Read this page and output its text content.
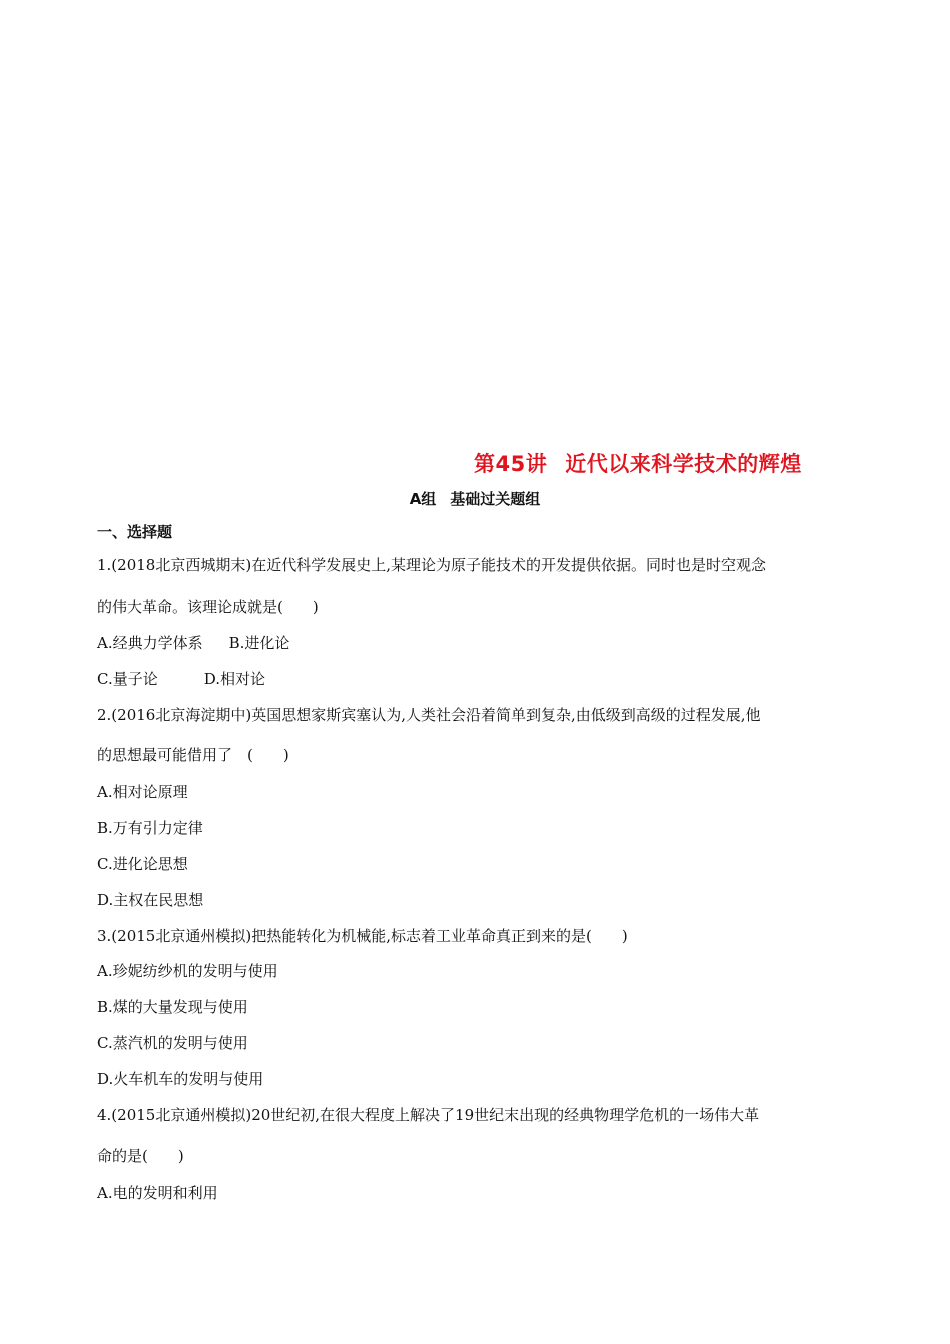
第45讲 近代以来科学技术的辉煌
A组 基础过关题组
一、选择题
1.(2018北京西城期末)在近代科学发展史上,某理论为原子能技术的开发提供依据。同时也是时空观念
的伟大革命。该理论成就是(　　)
A.经典力学体系 B.进化论
C.量子论	D.相对论
2.(2016北京海淀期中)英国思想家斯宾塞认为,人类社会沿着简单到复杂,由低级到高级的过程发展,他
的思想最可能借用了　(　　)
A.相对论原理
B.万有引力定律
C.进化论思想
D.主权在民思想
3.(2015北京通州模拟)把热能转化为机械能,标志着工业革命真正到来的是(　　)
A.珍妮纺纱机的发明与使用
B.煤的大量发现与使用
C.蒸汽机的发明与使用
D.火车机车的发明与使用
4.(2015北京通州模拟)20世纪初,在很大程度上解决了19世纪末出现的经典物理学危机的一场伟大革
命的是(　　)
A.电的发明和利用
